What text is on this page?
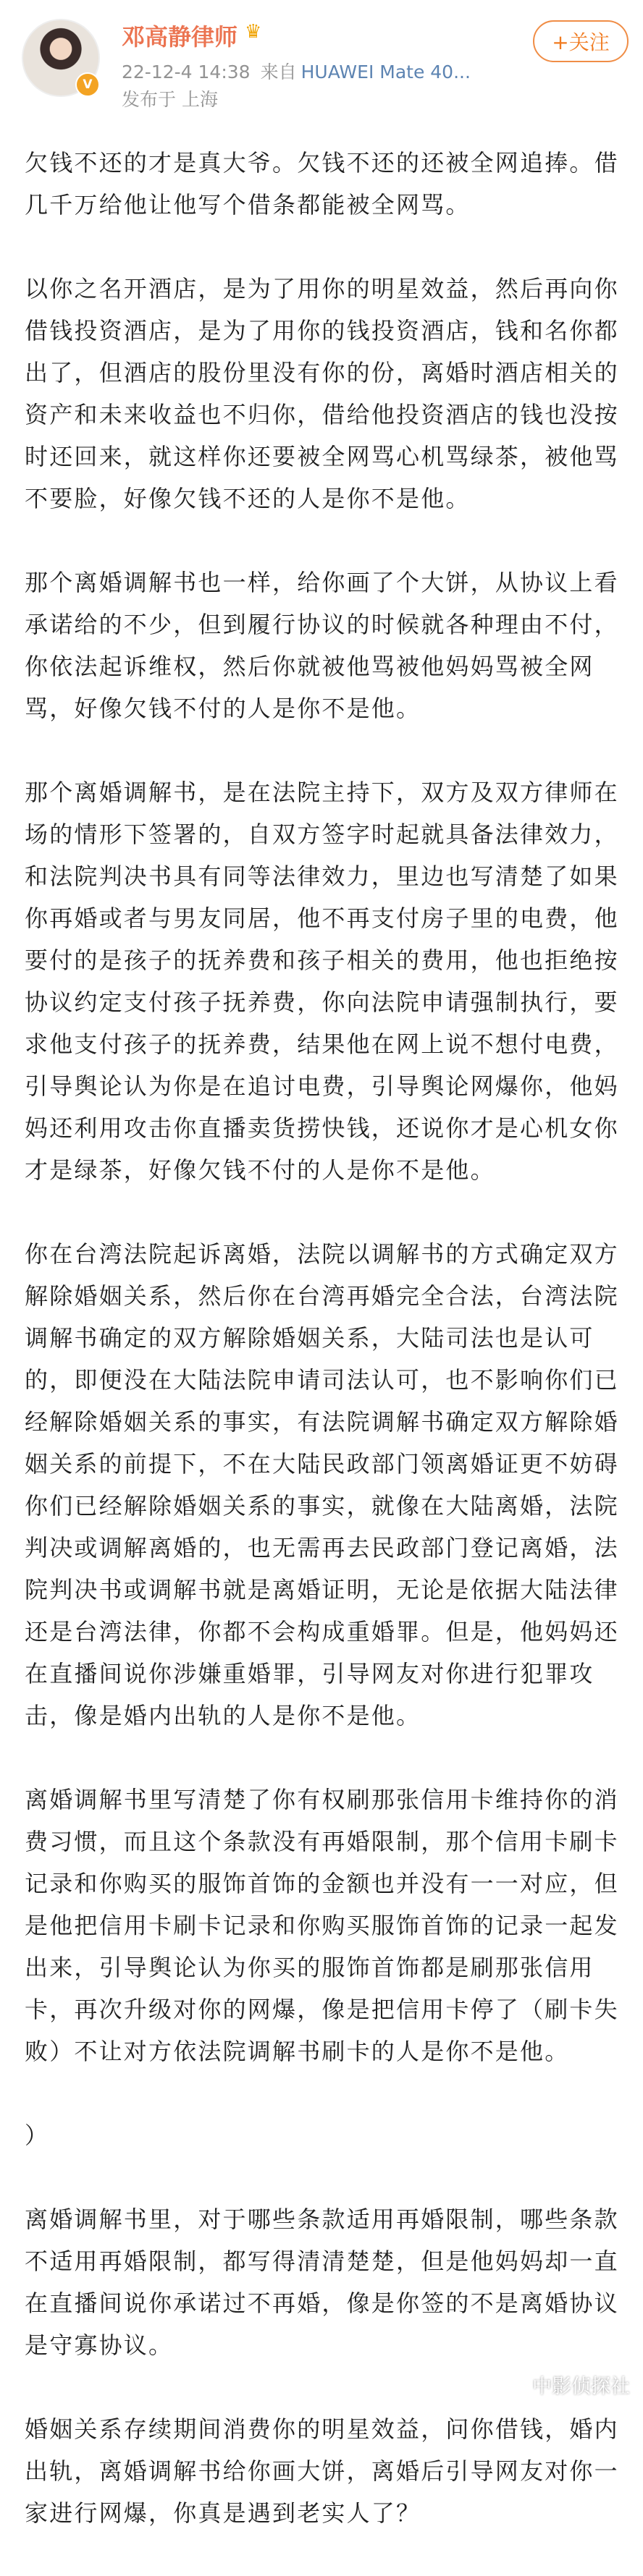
V
邓高静律师 ♛
22-12-4 14:38 来自 HUAWEI Mate 40...
发布于 上海
+关注

欠钱不还的才是真大爷。欠钱不还的还被全网追捧。借几千万给他让他写个借条都能被全网骂。

以你之名开酒店，是为了用你的明星效益，然后再向你借钱投资酒店，是为了用你的钱投资酒店，钱和名你都出了，但酒店的股份里没有你的份，离婚时酒店相关的资产和未来收益也不归你，借给他投资酒店的钱也没按时还回来，就这样你还要被全网骂心机骂绿茶，被他骂不要脸，好像欠钱不还的人是你不是他。

那个离婚调解书也一样，给你画了个大饼，从协议上看承诺给的不少，但到履行协议的时候就各种理由不付，你依法起诉维权，然后你就被他骂被他妈妈骂被全网骂，好像欠钱不付的人是你不是他。

那个离婚调解书，是在法院主持下，双方及双方律师在场的情形下签署的，自双方签字时起就具备法律效力，和法院判决书具有同等法律效力，里边也写清楚了如果你再婚或者与男友同居，他不再支付房子里的电费，他要付的是孩子的抚养费和孩子相关的费用，他也拒绝按协议约定支付孩子抚养费，你向法院申请强制执行，要求他支付孩子的抚养费，结果他在网上说不想付电费，引导舆论认为你是在追讨电费，引导舆论网爆你，他妈妈还利用攻击你直播卖货捞快钱，还说你才是心机女你才是绿茶，好像欠钱不付的人是你不是他。

你在台湾法院起诉离婚，法院以调解书的方式确定双方解除婚姻关系，然后你在台湾再婚完全合法，台湾法院调解书确定的双方解除婚姻关系，大陆司法也是认可的，即便没在大陆法院申请司法认可，也不影响你们已经解除婚姻关系的事实，有法院调解书确定双方解除婚姻关系的前提下，不在大陆民政部门领离婚证更不妨碍你们已经解除婚姻关系的事实，就像在大陆离婚，法院判决或调解离婚的，也无需再去民政部门登记离婚，法院判决书或调解书就是离婚证明，无论是依据大陆法律还是台湾法律，你都不会构成重婚罪。但是，他妈妈还在直播间说你涉嫌重婚罪，引导网友对你进行犯罪攻击，像是婚内出轨的人是你不是他。

离婚调解书里写清楚了你有权刷那张信用卡维持你的消费习惯，而且这个条款没有再婚限制，那个信用卡刷卡记录和你购买的服饰首饰的金额也并没有一一对应，但是他把信用卡刷卡记录和你购买服饰首饰的记录一起发出来，引导舆论认为你买的服饰首饰都是刷那张信用卡，再次升级对你的网爆，像是把信用卡停了（刷卡失败）不让对方依法院调解书刷卡的人是你不是他。

）

离婚调解书里，对于哪些条款适用再婚限制，哪些条款不适用再婚限制，都写得清清楚楚，但是他妈妈却一直在直播间说你承诺过不再婚，像是你签的不是离婚协议是守寡协议。

婚姻关系存续期间消费你的明星效益，问你借钱，婚内出轨，离婚调解书给你画大饼，离婚后引导网友对你一家进行网爆，你真是遇到老实人了？

中影侦探社
